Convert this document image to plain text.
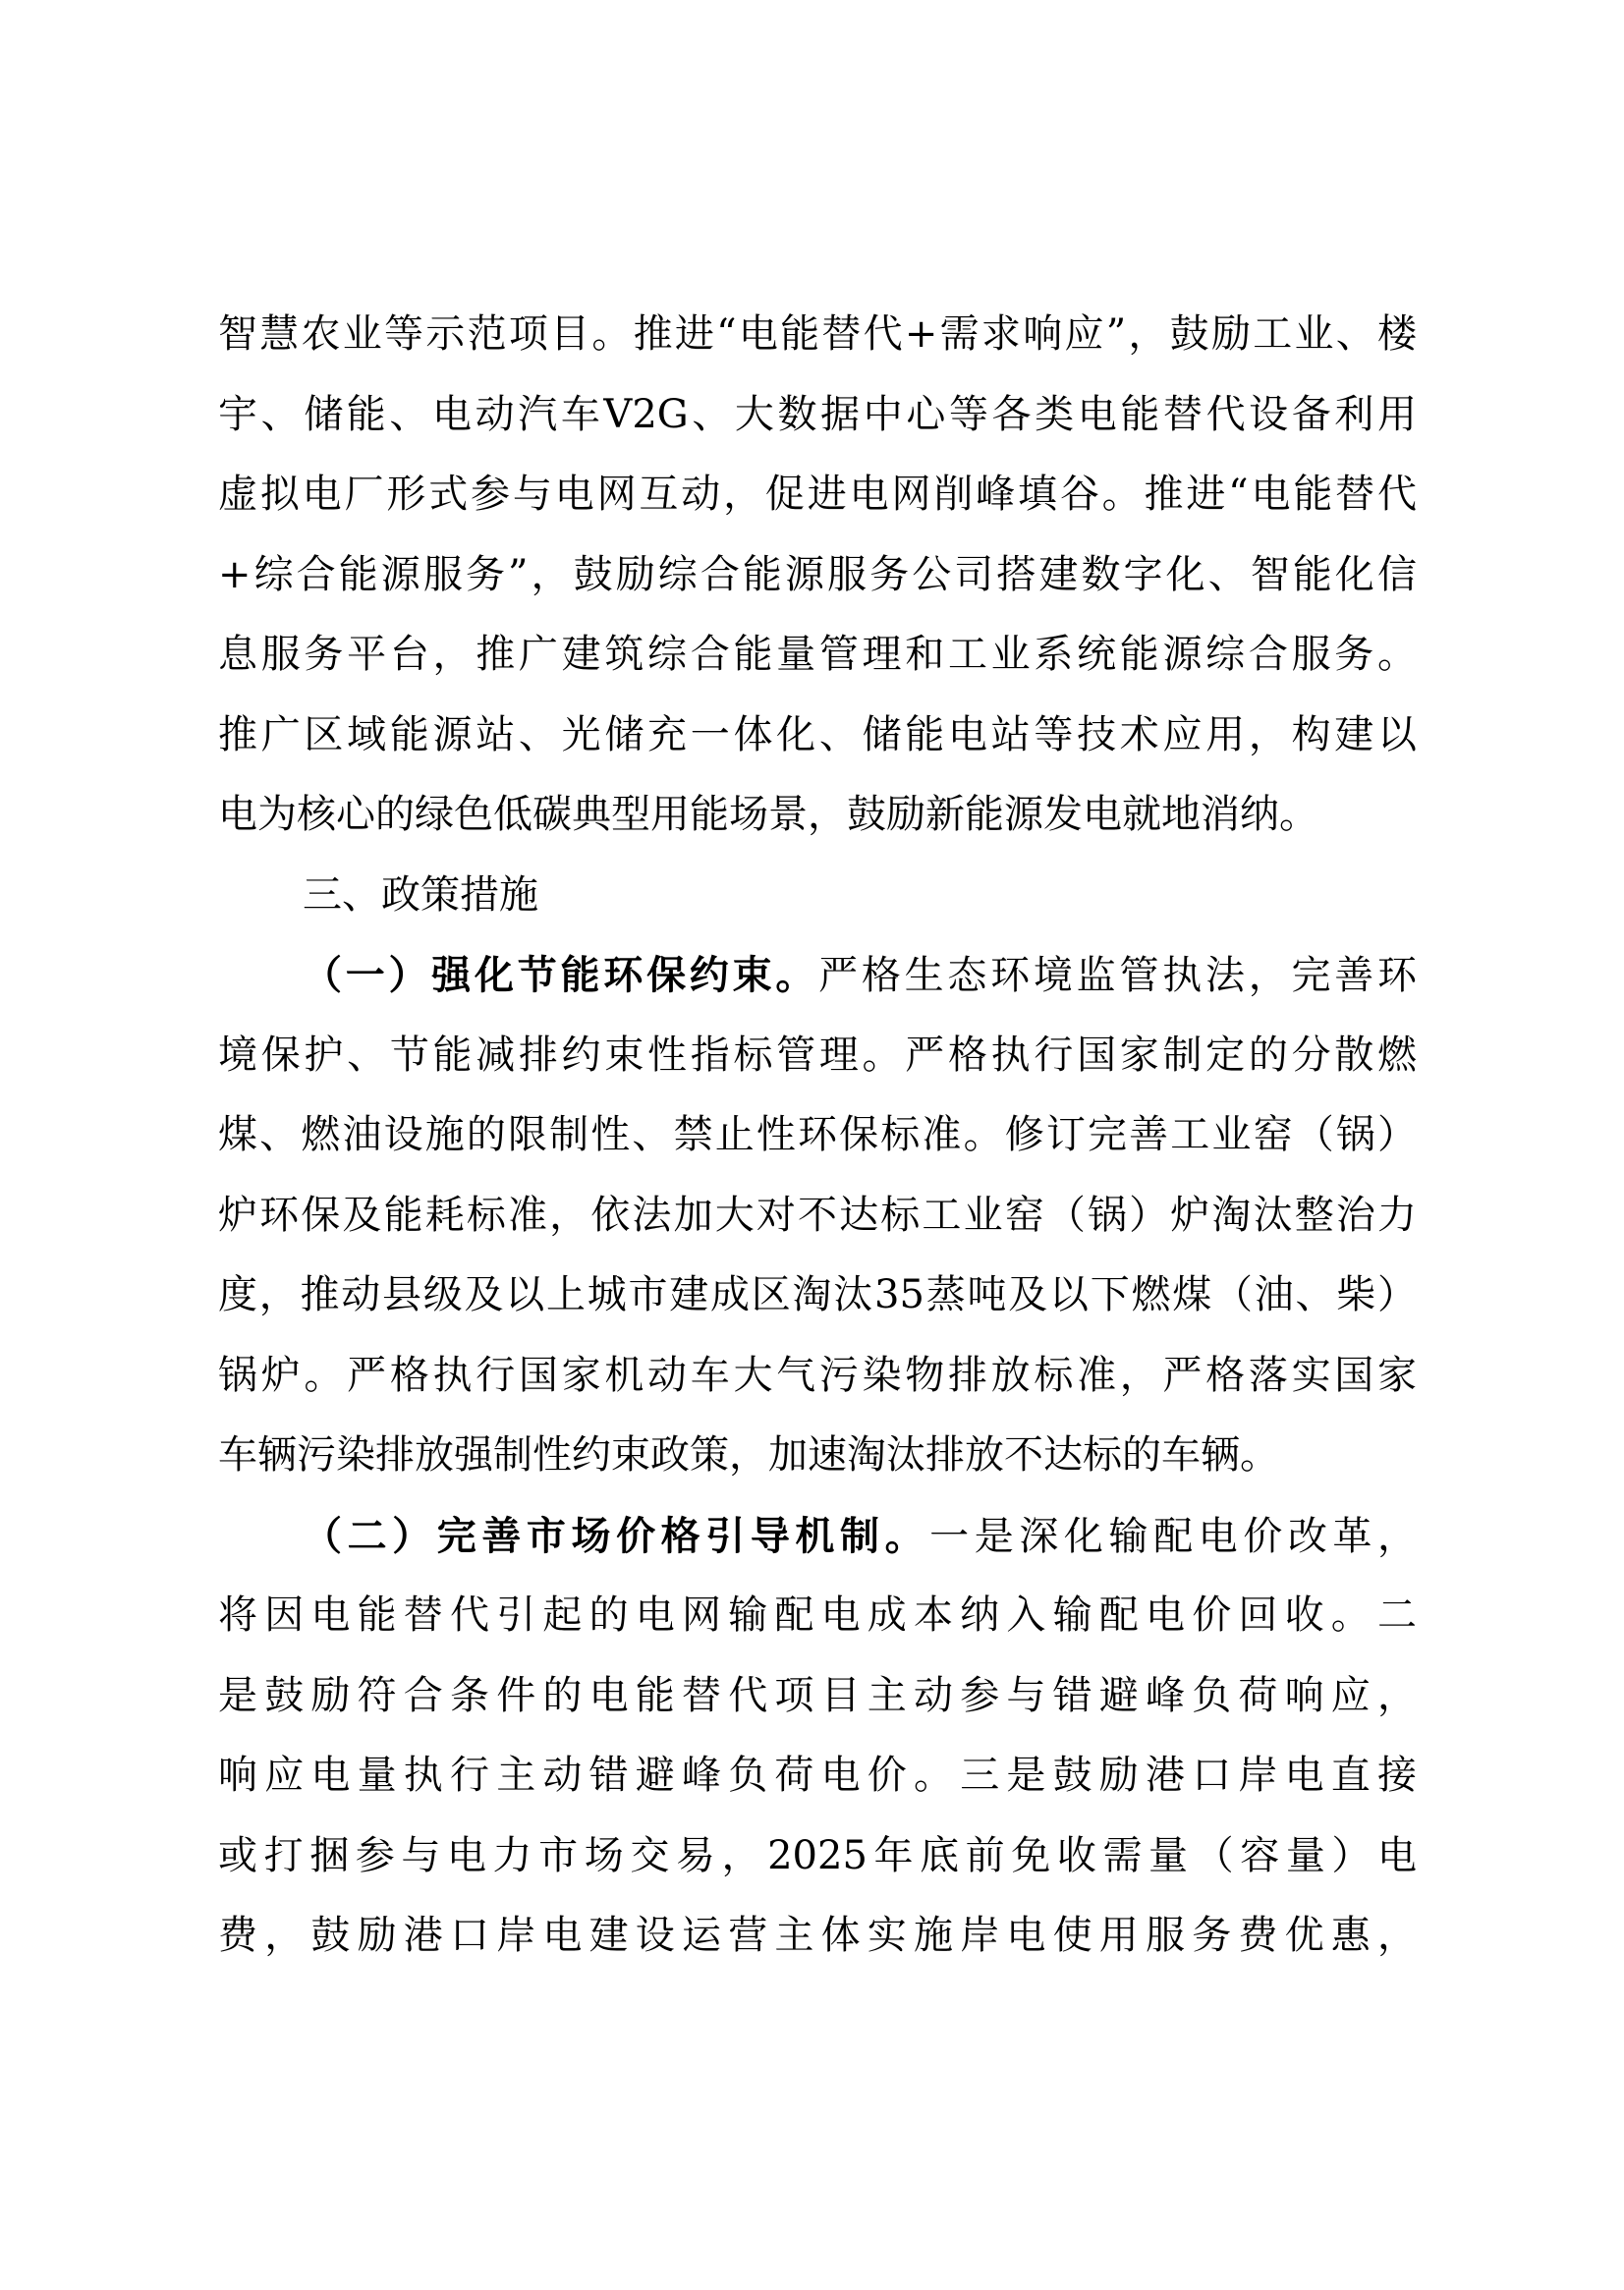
智慧农业等示范项目。推进“电能替代+需求响应”，鼓励工业、楼
宇、储能、电动汽车V2G、大数据中心等各类电能替代设备利用
虚拟电厂形式参与电网互动，促进电网削峰填谷。推进“电能替代
+综合能源服务”，鼓励综合能源服务公司搭建数字化、智能化信
息服务平台，推广建筑综合能量管理和工业系统能源综合服务。
推广区域能源站、光储充一体化、储能电站等技术应用，构建以
电为核心的绿色低碳典型用能场景，鼓励新能源发电就地消纳。
三、政策措施
（一）强化节能环保约束。严格生态环境监管执法，完善环
境保护、节能减排约束性指标管理。严格执行国家制定的分散燃
煤、燃油设施的限制性、禁止性环保标准。修订完善工业窑（锅）
炉环保及能耗标准，依法加大对不达标工业窑（锅）炉淘汰整治力
度，推动县级及以上城市建成区淘汰35蒸吨及以下燃煤（油、柴）
锅炉。严格执行国家机动车大气污染物排放标准，严格落实国家
车辆污染排放强制性约束政策，加速淘汰排放不达标的车辆。
（二）完善市场价格引导机制。一是深化输配电价改革，
将因电能替代引起的电网输配电成本纳入输配电价回收。二
是鼓励符合条件的电能替代项目主动参与错避峰负荷响应，
响应电量执行主动错避峰负荷电价。三是鼓励港口岸电直接
或打捆参与电力市场交易，2025年底前免收需量（容量）电
费，鼓励港口岸电建设运营主体实施岸电使用服务费优惠，
